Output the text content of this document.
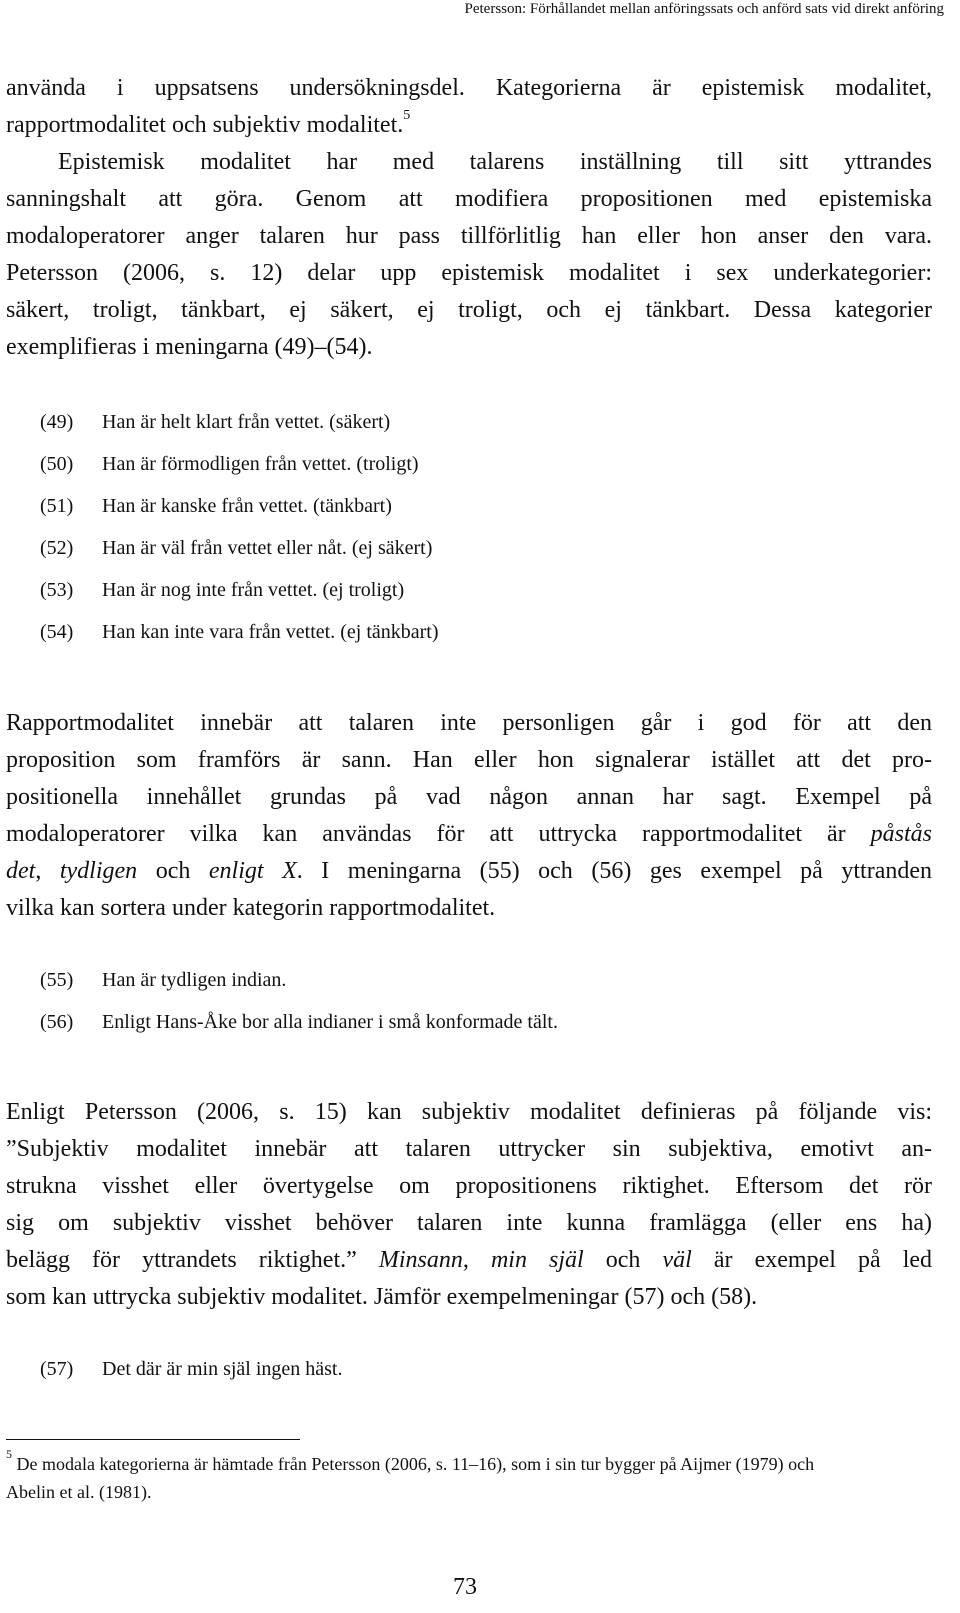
Petersson: Förhållandet mellan anföringssats och anförd sats vid direkt anföring
använda i uppsatsens undersökningsdel. Kategorierna är epistemisk modalitet,
rapportmodalitet och subjektiv modalitet.$^5$
Epistemisk modalitet har med talarens inställning till sitt yttrandes
sanningshalt att göra. Genom att modifiera propositionen med epistemiska
modaloperatorer anger talaren hur pass tillförlitlig han eller hon anser den vara.
Petersson (2006, s. 12) delar upp epistemisk modalitet i sex underkategorier:
säkert, troligt, tänkbart, ej säkert, ej troligt, och ej tänkbart. Dessa kategorier
exemplifieras i meningarna (49)–(54).
(49) Han är helt klart från vettet. (säkert)
(50) Han är förmodligen från vettet. (troligt)
(51) Han är kanske från vettet. (tänkbart)
(52) Han är väl från vettet eller nåt. (ej säkert)
(53) Han är nog inte från vettet. (ej troligt)
(54) Han kan inte vara från vettet. (ej tänkbart)
Rapportmodalitet innebär att talaren inte personligen går i god för att den
proposition som framförs är sann. Han eller hon signalerar istället att det pro-
positionella innehållet grundas på vad någon annan har sagt. Exempel på
modaloperatorer vilka kan användas för att uttrycka rapportmodalitet är påstås
det, tydligen och enligt X. I meningarna (55) och (56) ges exempel på yttranden
vilka kan sortera under kategorin rapportmodalitet.
(55) Han är tydligen indian.
(56) Enligt Hans-Åke bor alla indianer i små konformade tält.
Enligt Petersson (2006, s. 15) kan subjektiv modalitet definieras på följande vis:
”Subjektiv modalitet innebär att talaren uttrycker sin subjektiva, emotivt an-
strukna visshet eller övertygelse om propositionens riktighet. Eftersom det rör
sig om subjektiv visshet behöver talaren inte kunna framlägga (eller ens ha)
belägg för yttrandets riktighet.” Minsann, min själ och väl är exempel på led
som kan uttrycka subjektiv modalitet. Jämför exempelmeningar (57) och (58).
(57) Det där är min själ ingen häst.

$^5$ De modala kategorierna är hämtade från Petersson (2006, s. 11–16), som i sin tur bygger på Aijmer (1979) och
Abelin et al. (1981).

73
